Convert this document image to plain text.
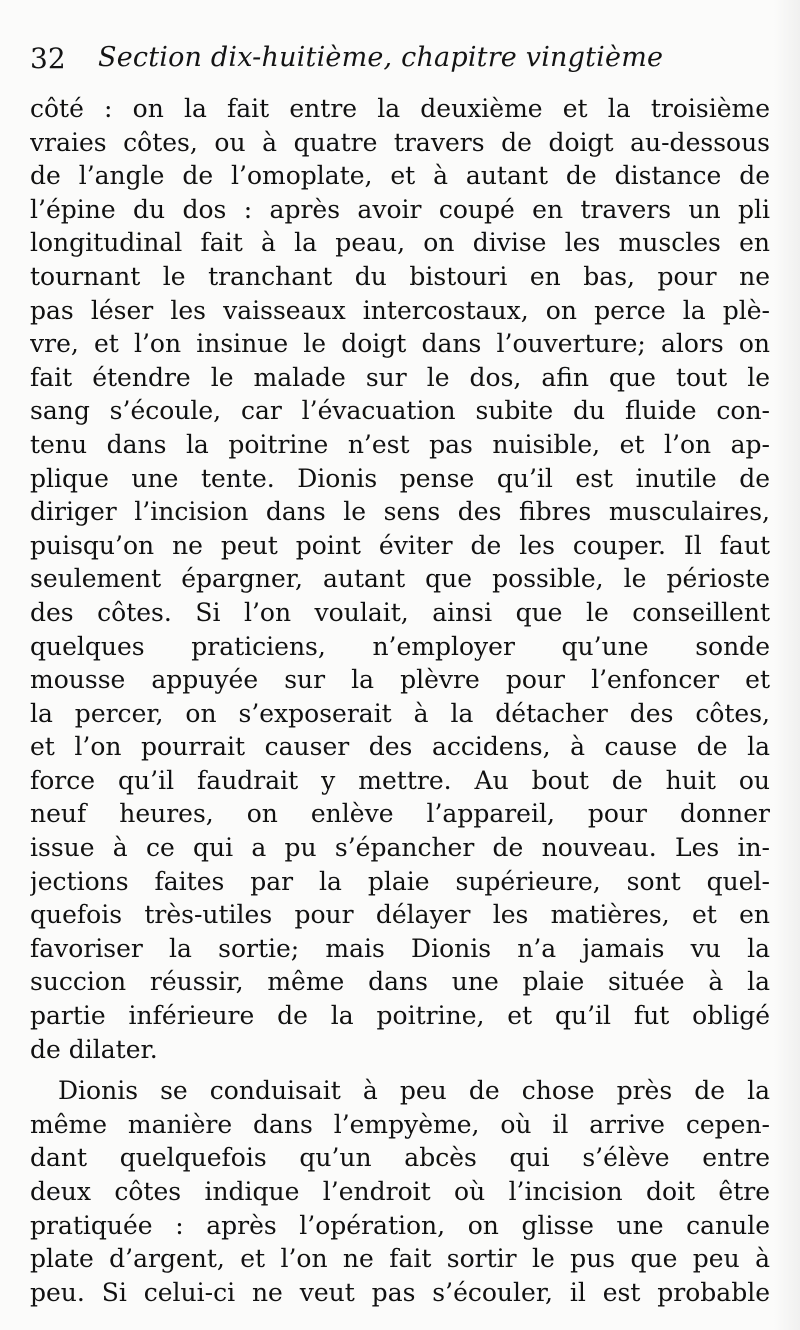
32 Section dix-huitième, chapitre vingtième
côté : on la fait entre la deuxième et la troisième
vraies côtes, ou à quatre travers de doigt au-dessous
de l’angle de l’omoplate, et à autant de distance de
l’épine du dos : après avoir coupé en travers un pli
longitudinal fait à la peau, on divise les muscles en
tournant le tranchant du bistouri en bas, pour ne
pas léser les vaisseaux intercostaux, on perce la plè-
vre, et l’on insinue le doigt dans l’ouverture; alors on
fait étendre le malade sur le dos, afin que tout le
sang s’écoule, car l’évacuation subite du fluide con-
tenu dans la poitrine n’est pas nuisible, et l’on ap-
plique une tente. Dionis pense qu’il est inutile de
diriger l’incision dans le sens des fibres musculaires,
puisqu’on ne peut point éviter de les couper. Il faut
seulement épargner, autant que possible, le périoste
des côtes. Si l’on voulait, ainsi que le conseillent
quelques praticiens, n’employer qu’une sonde
mousse appuyée sur la plèvre pour l’enfoncer et
la percer, on s’exposerait à la détacher des côtes,
et l’on pourrait causer des accidens, à cause de la
force qu’il faudrait y mettre. Au bout de huit ou
neuf heures, on enlève l’appareil, pour donner
issue à ce qui a pu s’épancher de nouveau. Les in-
jections faites par la plaie supérieure, sont quel-
quefois très-utiles pour délayer les matières, et en
favoriser la sortie; mais Dionis n’a jamais vu la
succion réussir, même dans une plaie située à la
partie inférieure de la poitrine, et qu’il fut obligé
de dilater.
Dionis se conduisait à peu de chose près de la
même manière dans l’empyème, où il arrive cepen-
dant quelquefois qu’un abcès qui s’élève entre
deux côtes indique l’endroit où l’incision doit être
pratiquée : après l’opération, on glisse une canule
plate d’argent, et l’on ne fait sortir le pus que peu à
peu. Si celui-ci ne veut pas s’écouler, il est probable
